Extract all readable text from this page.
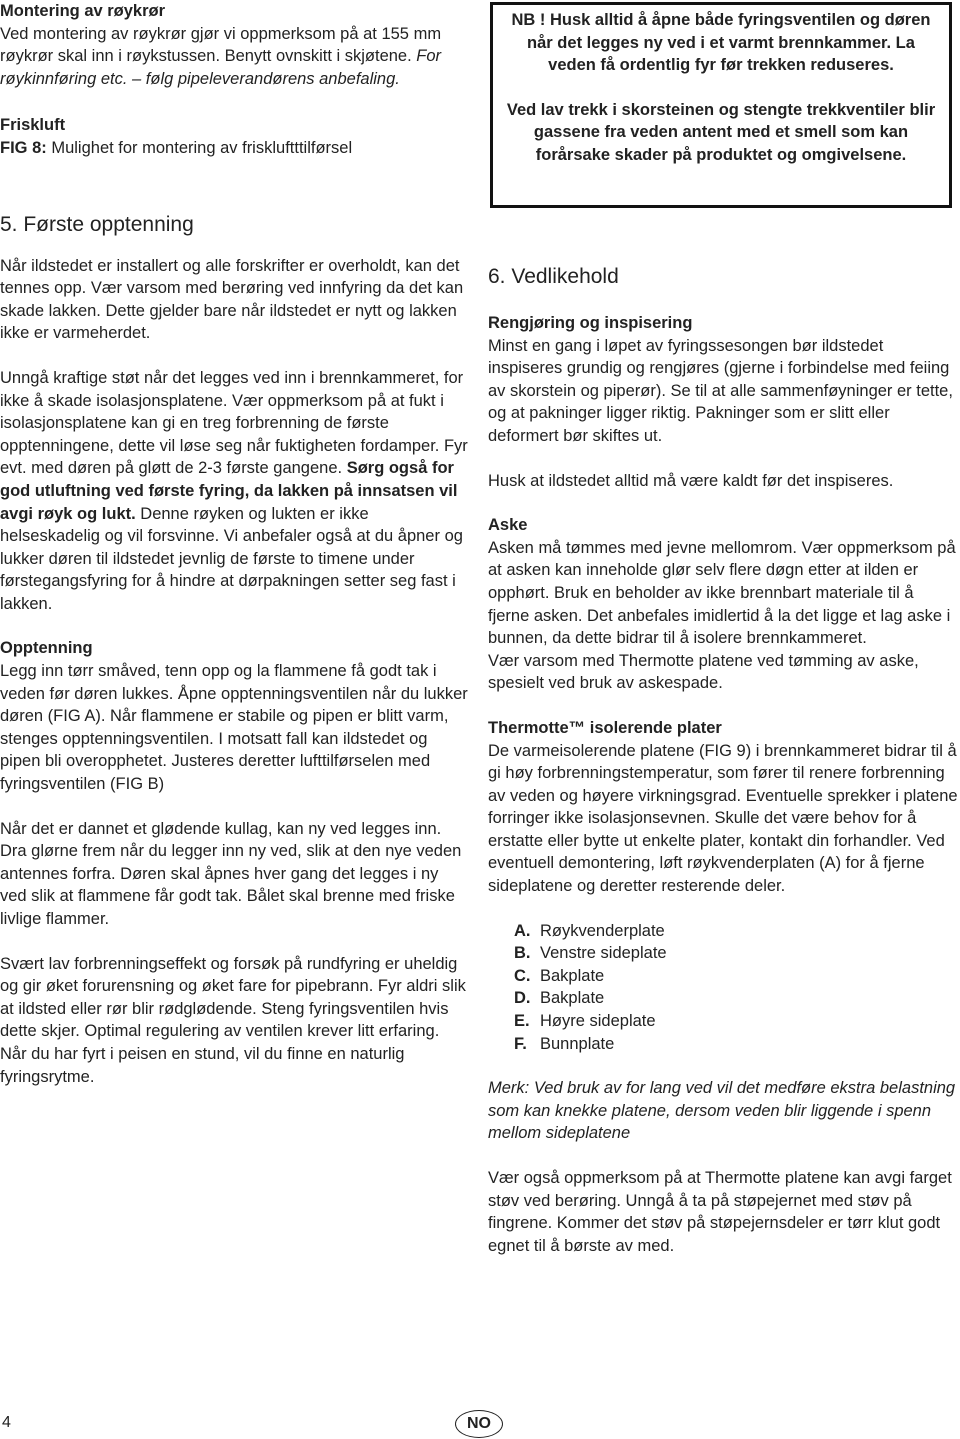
Montering av røykrør

Ved montering av røykrør gjør vi oppmerksom på at 155 mm røykrør skal inn i røykstussen. Benytt ovnskitt i skjøtene. For røykinnføring etc. – følg pipeleverandørens anbefaling.

Friskluft

FIG 8: Mulighet for montering av friskluftttilførsel

5. Første opptenning

Når ildstedet er installert og alle forskrifter er overholdt, kan det tennes opp. Vær varsom med berøring ved innfyring da det kan skade lakken. Dette gjelder bare når ildstedet er nytt og lakken ikke er varmeherdet.

Unngå kraftige støt når det legges ved inn i brennkammeret, for ikke å skade isolasjonsplatene. Vær oppmerksom på at fukt i isolasjonsplatene kan gi en treg forbrenning de første opptenningene, dette vil løse seg når fuktigheten fordamper. Fyr evt. med døren på gløtt de 2-3 første gangene. Sørg også for god utluftning ved første fyring, da lakken på innsatsen vil avgi røyk og lukt. Denne røyken og lukten er ikke helseskadelig og vil forsvinne. Vi anbefaler også at du åpner og lukker døren til ildstedet jevnlig de første to timene under førstegangsfyring for å hindre at dørpakningen setter seg fast i lakken.

Opptenning

Legg inn tørr småved, tenn opp og la flammene få godt tak i veden før døren lukkes. Åpne opptenningsventilen når du lukker døren (FIG A). Når flammene er stabile og pipen er blitt varm, stenges opptenningsventilen. I motsatt fall kan ildstedet og pipen bli overopphetet. Justeres deretter lufttilførselen med fyringsventilen (FIG B)

Når det er dannet et glødende kullag, kan ny ved legges inn. Dra glørne frem når du legger inn ny ved, slik at den nye veden antennes forfra. Døren skal åpnes hver gang det legges i ny ved slik at flammene får godt tak. Bålet skal brenne med friske livlige flammer.

Svært lav forbrenningseffekt og forsøk på rundfyring er uheldig og gir øket forurensning og øket fare for pipebrann. Fyr aldri slik at ildsted eller rør blir rødglødende. Steng fyringsventilen hvis dette skjer. Optimal regulering av ventilen krever litt erfaring. Når du har fyrt i peisen en stund, vil du finne en naturlig fyringsrytme.

NB ! Husk alltid å åpne både fyringsventilen og døren når det legges ny ved i et varmt brennkammer. La veden få ordentlig fyr før trekken reduseres.

Ved lav trekk i skorsteinen og stengte trekkventiler blir gassene fra veden antent med et smell som kan forårsake skader på produktet og omgivelsene.

6. Vedlikehold
Rengjøring og inspisering

Minst en gang i løpet av fyringssesongen bør ildstedet inspiseres grundig og rengjøres (gjerne i forbindelse med feiing av skorstein og piperør). Se til at alle sammenføyninger er tette, og at pakninger ligger riktig. Pakninger som er slitt eller deformert bør skiftes ut.

Husk at ildstedet alltid må være kaldt før det inspiseres.

Aske

Asken må tømmes med jevne mellomrom. Vær oppmerksom på at asken kan inneholde glør selv flere døgn etter at ilden er opphørt. Bruk en beholder av ikke brennbart materiale til å fjerne asken. Det anbefales imidlertid å la det ligge et lag aske i bunnen, da dette bidrar til å isolere brennkammeret.

Vær varsom med Thermotte platene ved tømming av aske, spesielt ved bruk av askespade.

Thermotte™ isolerende plater

De varmeisolerende platene (FIG 9) i brennkammeret bidrar til å gi høy forbrenningstemperatur, som fører til renere forbrenning av veden og høyere virkningsgrad. Eventuelle sprekker i platene forringer ikke isolasjonsevnen. Skulle det være behov for å erstatte eller bytte ut enkelte plater, kontakt din forhandler. Ved eventuell demontering, løft røykvenderplaten (A) for å fjerne sideplatene og deretter resterende deler.

A. Røykvenderplate
B. Venstre sideplate
C. Bakplate
D. Bakplate
E. Høyre sideplate
F. Bunnplate

Merk: Ved bruk av for lang ved vil det medføre ekstra belastning som kan knekke platene, dersom veden blir liggende i spenn mellom sideplatene

Vær også oppmerksom på at Thermotte platene kan avgi farget støv ved berøring. Unngå å ta på støpejernet med støv på fingrene. Kommer det støv på støpejernsdeler er tørr klut godt egnet til å børste av med.

4	NO
